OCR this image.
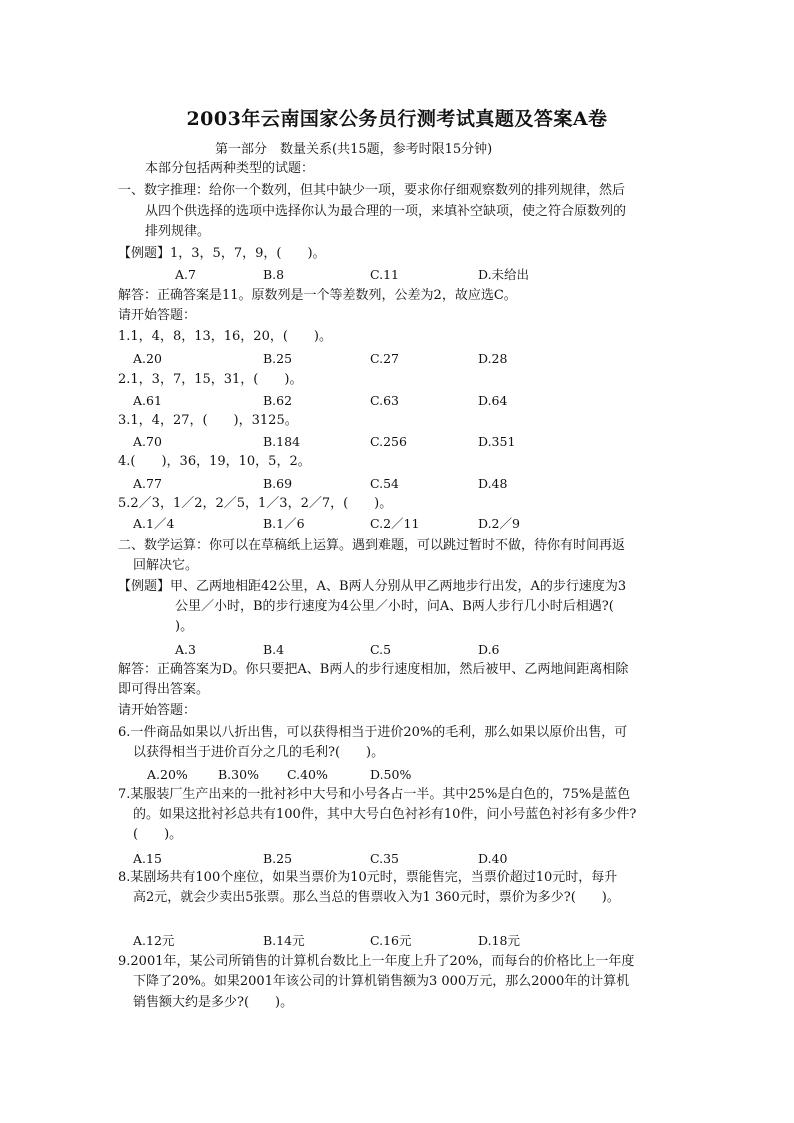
2003年云南国家公务员行测考试真题及答案A卷
第一部分　数量关系(共15题，参考时限15分钟)
本部分包括两种类型的试题：
一、数字推理：给你一个数列，但其中缺少一项，要求你仔细观察数列的排列规律，然后
从四个供选择的选项中选择你认为最合理的一项，来填补空缺项，使之符合原数列的
排列规律。
【例题】1，3，5，7，9，(　　)。
A.7	B.8	C.11	D.未给出
解答：正确答案是11。原数列是一个等差数列，公差为2，故应选C。
请开始答题：
1.1，4，8，13，16，20，(　　)。
A.20	B.25	C.27	D.28
2.1，3，7，15，31，(　　)。
A.61	B.62	C.63	D.64
3.1，4，27，(　　)，3125。
A.70	B.184	C.256	D.351
4.(　　)，36，19，10，5，2。
A.77	B.69	C.54	D.48
5.2／3，1／2，2／5，1／3，2／7，(　　)。
A.1／4	B.1／6	C.2／11	D.2／9
二、数学运算：你可以在草稿纸上运算。遇到难题，可以跳过暂时不做，待你有时间再返
回解决它。
【例题】甲、乙两地相距42公里，A、B两人分别从甲乙两地步行出发，A的步行速度为3
公里／小时，B的步行速度为4公里／小时，问A、B两人步行几小时后相遇?(
)。
A.3	B.4	C.5	D.6
解答：正确答案为D。你只要把A、B两人的步行速度相加，然后被甲、乙两地间距离相除
即可得出答案。
请开始答题：
6.一件商品如果以八折出售，可以获得相当于进价20%的毛利，那么如果以原价出售，可
以获得相当于进价百分之几的毛利?(　　)。
A.20% B.30% C.40%	D.50%
7.某服装厂生产出来的一批衬衫中大号和小号各占一半。其中25%是白色的，75%是蓝色
的。如果这批衬衫总共有100件，其中大号白色衬衫有10件，问小号蓝色衬衫有多少件?
(　　)。
A.15	B.25	C.35	D.40
8.某剧场共有100个座位，如果当票价为10元时，票能售完，当票价超过10元时，每升
高2元，就会少卖出5张票。那么当总的售票收入为1 360元时，票价为多少?(　　)。
A.12元	B.14元	C.16元	D.18元
9.2001年，某公司所销售的计算机台数比上一年度上升了20%，而每台的价格比上一年度
下降了20%。如果2001年该公司的计算机销售额为3 000万元，那么2000年的计算机
销售额大约是多少?(　　)。
